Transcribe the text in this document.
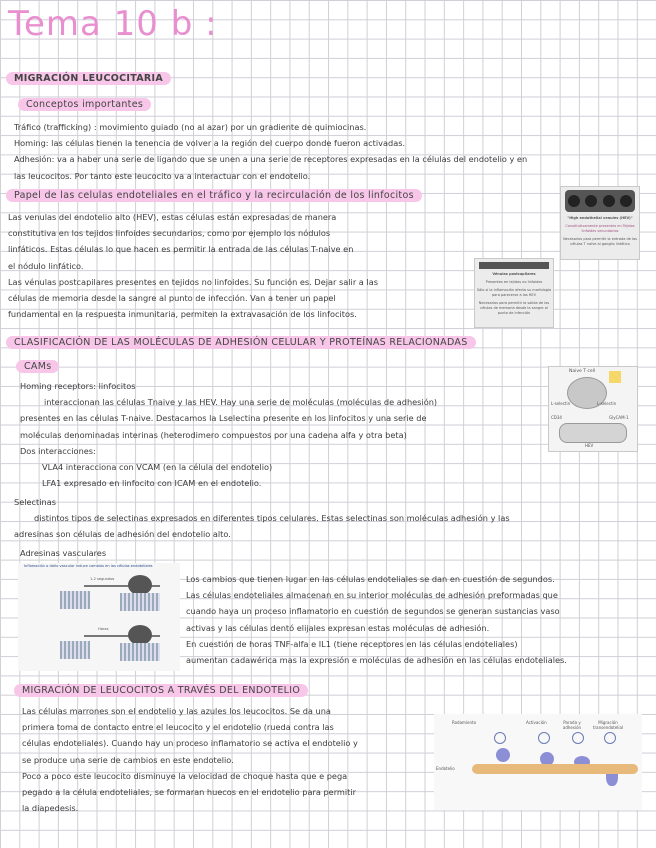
Tema 10 b :
MIGRACIÓN LEUCOCITARIA
Conceptos importantes
Tráfico (trafficking) : movimiento guiado (no al azar) por un gradiente de quimiocinas.
Homing: las células tienen la tenencia de volver a la región del cuerpo donde fueron activadas.
Adhesión: va a haber una serie de ligando que se unen a una serie de receptores expresadas en la células del endotelio y en
las leucocitos. Por tanto este leucocito va a interactuar con el endotelio.
Papel de las celulas endoteliales en el tráfico y la recirculación de los linfocitos
Las venulas del endotelio alto (HEV), estas células están expresadas de manera
constitutiva en los tejidos linfoides secundarios, como por ejemplo los nódulos
linfáticos. Estas células lo que hacen es permitir la entrada de las células T-naive en
el nódulo linfático.
Las vénulas postcapilares presentes en tejidos no linfoides. Su función es. Dejar salir a las
células de memoria desde la sangre al punto de infección. Van a tener un papel
fundamental en la respuesta inmunitaria, permiten la extravasación de los linfocitos.
"High endothelial venules (HEV)"
Constitutivamente presentes en Tejidos linfoides secundarios
Necesarios para permitir la entrada de las células T naïve al ganglio linfático
Vénulas postcapilares
Presentes en tejidos no linfoides
Sólo si la inflamación afecta su morfología para parecerse a las HEV
Necesarios para permitir la salida de las células de memoria desde la sangre al punto de infección
CLASIFICACIÓN DE LAS MOLÉCULAS DE ADHESIÓN CELULAR Y PROTEÍNAS RELACIONADAS
CAMs
Homing receptors: linfocitos
interaccionan las células Tnaive y las HEV. Hay una serie de moléculas (moléculas de adhesión)
presentes en las células T-naive. Destacamos la Lselectina presente en los linfocitos y una serie de
moléculas denominadas interinas (heterodimero compuestos por una cadena alfa y otra beta)
Dos interacciones:
VLA4 interacciona con VCAM (en la célula del endotelio)
LFA1 expresado en linfocito con ICAM en el endotelio.
Naive T cell
L-selectin	L-selectin
CD34	GlyCAM-1
HEV
Selectinas
distintos tipos de selectinas expresados en diferentes tipos celulares. Estas selectinas son moléculas adhesión y las
adresinas son células de adhesión del endotelio alto.
Adresinas vasculares
Inflamación o daño vascular induce cambios en las células endoteliales
1-2 segundos
Horas
Los cambios que tienen lugar en las células endoteliales se dan en cuestión de segundos.
Las células endoteliales almacenan en su interior moléculas de adhesión preformadas que
cuando haya un proceso inflamatorio en cuestión de segundos se generan sustancias vaso
activas y las células dentó elijales expresan estas moléculas de adhesión.
En cuestión de horas TNF-alfa e IL1 (tiene receptores en las células endoteliales)
aumentan cadawérica mas la expresión e moléculas de adhesión en las células endoteliales.
MIGRACIÓN DE LEUCOCITOS A TRAVÉS DEL ENDOTELIO
Las células marrones son el endotelio y las azules los leucocitos. Se da una
primera toma de contacto entre el leucocito y el endotelio (rueda contra las
células endoteliales). Cuando hay un proceso inflamatorio se activa el endotelio y
se produce una serie de cambios en este endotelio.
Poco a poco este leucocito disminuye la velocidad de choque hasta que e pega
pegado a la célula endoteliales, se formaran huecos en el endotelio para permitir
la diapedesis.
Rodamiento	Activación	Parada y adhesión
Migración transendotelial
Endotelio
